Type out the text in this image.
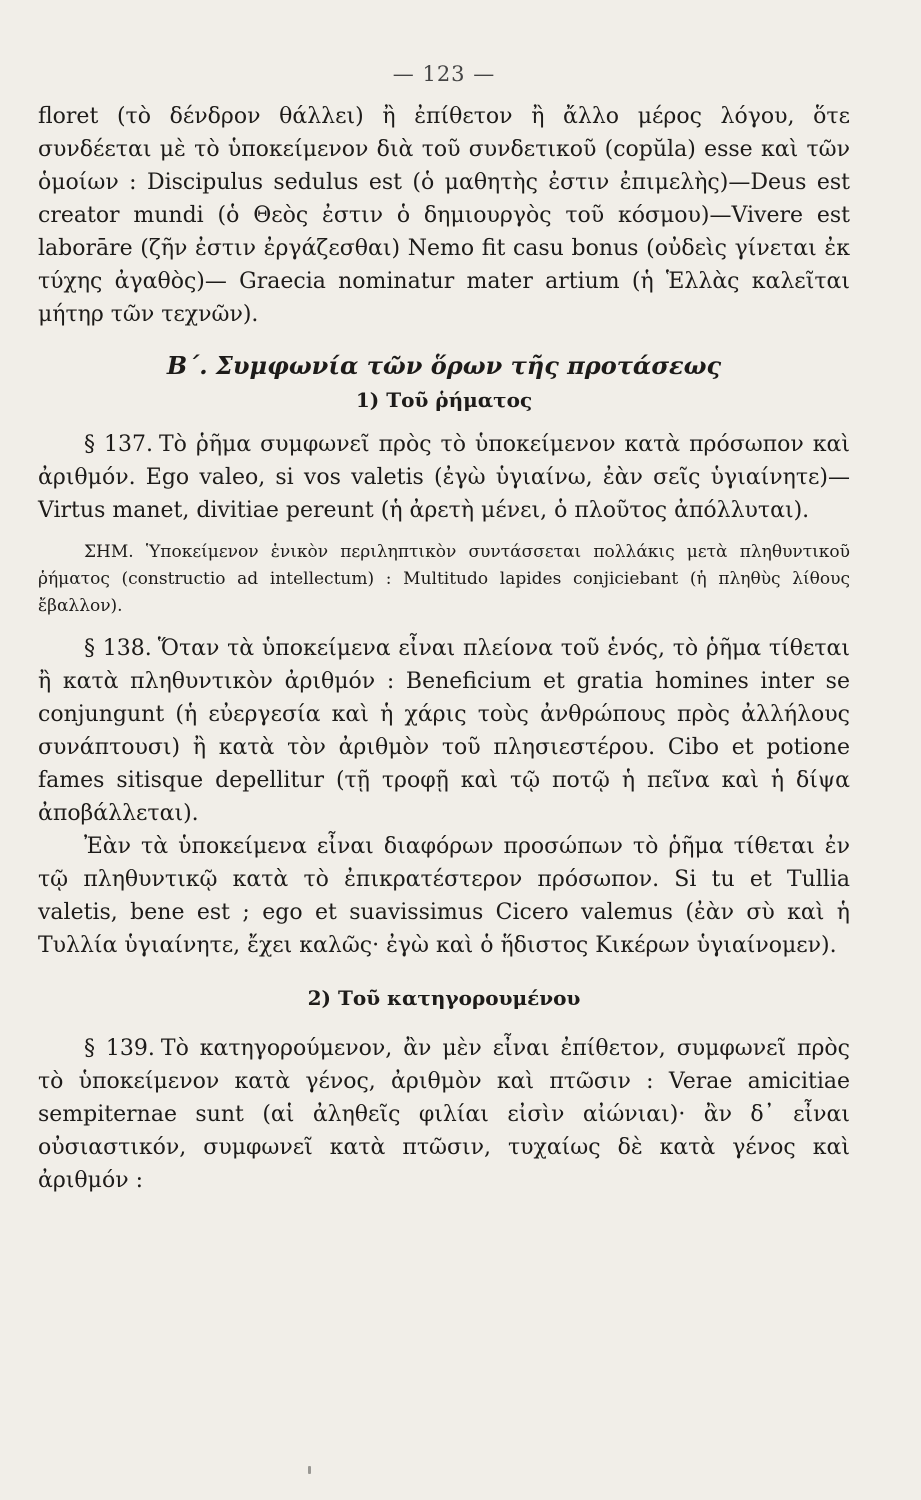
— 123 —

floret (τὸ δένδρον θάλλει) ἢ ἐπίθετον ἢ ἄλλο μέρος λόγου, ὅτε συνδέεται μὲ τὸ ὑποκείμενον διὰ τοῦ συνδετικοῦ (copŭla) esse καὶ τῶν ὁμοίων : Discipulus sedulus est (ὁ μαθητὴς ἐστιν ἐπιμελὴς)—Deus est creator mundi (ὁ Θεὸς ἐστιν ὁ δημιουργὸς τοῦ κόσμου)—Vivere est laborāre (ζῆν ἐστιν ἐργάζεσθαι) Nemo fit casu bonus (οὐδεὶς γίνεται ἐκ τύχης ἀγαθὸς)— Graecia nominatur mater artium (ἡ Ἑλλὰς καλεῖται μήτηρ τῶν τεχνῶν).

Β΄. Συμφωνία τῶν ὅρων τῆς προτάσεως
1) Τοῦ ῥήματος

§ 137. Τὸ ῥῆμα συμφωνεῖ πρὸς τὸ ὑποκείμενον κατὰ πρόσωπον καὶ ἀριθμόν. Ego valeo, si vos valetis (ἐγὼ ὑγιαίνω, ἐὰν σεῖς ὑγιαίνητε)—Virtus manet, divitiae pereunt (ἡ ἀρετὴ μένει, ὁ πλοῦτος ἀπόλλυται).

ΣΗΜ. Ὑποκείμενον ἑνικὸν περιληπτικὸν συντάσσεται πολλάκις μετὰ πληθυντικοῦ ῥήματος (constructio ad intellectum) : Multitudo lapides conjiciebant (ἡ πληθὺς λίθους ἔβαλλον).

§ 138. Ὅταν τὰ ὑποκείμενα εἶναι πλείονα τοῦ ἑνός, τὸ ῥῆμα τίθεται ἢ κατὰ πληθυντικὸν ἀριθμόν : Beneficium et gratia homines inter se conjungunt (ἡ εὐεργεσία καὶ ἡ χάρις τοὺς ἀνθρώπους πρὸς ἀλλήλους συνάπτουσι) ἢ κατὰ τὸν ἀριθμὸν τοῦ πλησιεστέρου. Cibo et potione fames sitisque depellitur (τῇ τροφῇ καὶ τῷ ποτῷ ἡ πεῖνα καὶ ἡ δίψα ἀποβάλλεται).

Ἐὰν τὰ ὑποκείμενα εἶναι διαφόρων προσώπων τὸ ῥῆμα τίθεται ἐν τῷ πληθυντικῷ κατὰ τὸ ἐπικρατέστερον πρόσωπον. Si tu et Tullia valetis, bene est ; ego et suavissimus Cicero valemus (ἐὰν σὺ καὶ ἡ Τυλλία ὑγιαίνητε, ἔχει καλῶς· ἐγὼ καὶ ὁ ἥδιστος Κικέρων ὑγιαίνομεν).

2) Τοῦ κατηγορουμένου

§ 139. Τὸ κατηγορούμενον, ἂν μὲν εἶναι ἐπίθετον, συμφωνεῖ πρὸς τὸ ὑποκείμενον κατὰ γένος, ἀριθμὸν καὶ πτῶσιν : Verae amicitiae sempiternae sunt (αἱ ἀληθεῖς φιλίαι εἰσὶν αἰώνιαι)· ἂν δ᾽ εἶναι οὐσιαστικόν, συμφωνεῖ κατὰ πτῶσιν, τυχαίως δὲ κατὰ γένος καὶ ἀριθμόν :
